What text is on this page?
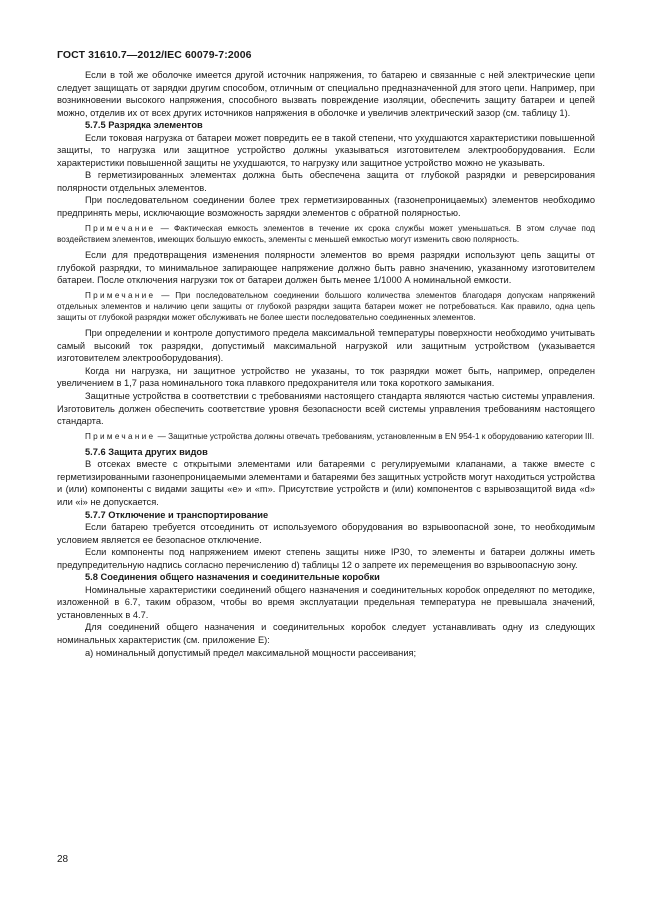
ГОСТ 31610.7—2012/IEC 60079-7:2006

Если в той же оболочке имеется другой источник напряжения, то батарею и связанные с ней электрические цепи следует защищать от зарядки другим способом, отличным от специально предназначенной для этого цепи. Например, при возникновении высокого напряжения, способного вызвать повреждение изоляции, обеспечить защиту батареи и цепей можно, отделив их от всех других источников напряжения в оболочке и увеличив электрический зазор (см. таблицу 1).

5.7.5 Разрядка элементов

Если токовая нагрузка от батареи может повредить ее в такой степени, что ухудшаются характеристики повышенной защиты, то нагрузка или защитное устройство должны указываться изготовителем электрооборудования. Если характеристики повышенной защиты не ухудшаются, то нагрузку или защитное устройство можно не указывать.

В герметизированных элементах должна быть обеспечена защита от глубокой разрядки и реверсирования полярности отдельных элементов.

При последовательном соединении более трех герметизированных (газонепроницаемых) элементов необходимо предпринять меры, исключающие возможность зарядки элементов с обратной полярностью.

Примечание — Фактическая емкость элементов в течение их срока службы может уменьшаться. В этом случае под воздействием элементов, имеющих большую емкость, элементы с меньшей емкостью могут изменить свою полярность.

Если для предотвращения изменения полярности элементов во время разрядки используют цепь защиты от глубокой разрядки, то минимальное запирающее напряжение должно быть равно значению, указанному изготовителем батареи. После отключения нагрузки ток от батареи должен быть менее 1/1000 А номинальной емкости.

Примечание — При последовательном соединении большого количества элементов благодаря допускам напряжений отдельных элементов и наличию цепи защиты от глубокой разрядки защита батареи может не потребоваться. Как правило, одна цепь защиты от глубокой разрядки может обслуживать не более шести последовательно соединенных элементов.

При определении и контроле допустимого предела максимальной температуры поверхности необходимо учитывать самый высокий ток разрядки, допустимый максимальной нагрузкой или защитным устройством (указывается изготовителем электрооборудования).

Когда ни нагрузка, ни защитное устройство не указаны, то ток разрядки может быть, например, определен увеличением в 1,7 раза номинального тока плавкого предохранителя или тока короткого замыкания.

Защитные устройства в соответствии с требованиями настоящего стандарта являются частью системы управления. Изготовитель должен обеспечить соответствие уровня безопасности всей системы управления требованиям настоящего стандарта.

Примечание — Защитные устройства должны отвечать требованиям, установленным в EN 954-1 к оборудованию категории III.

5.7.6 Защита других видов

В отсеках вместе с открытыми элементами или батареями с регулируемыми клапанами, а также вместе с герметизированными газонепроницаемыми элементами и батареями без защитных устройств могут находиться устройства и (или) компоненты с видами защиты «e» и «m». Присутствие устройств и (или) компонентов с взрывозащитой вида «d» или «i» не допускается.

5.7.7 Отключение и транспортирование

Если батарею требуется отсоединить от используемого оборудования во взрывоопасной зоне, то необходимым условием является ее безопасное отключение.

Если компоненты под напряжением имеют степень защиты ниже IP30, то элементы и батареи должны иметь предупредительную надпись согласно перечислению d) таблицы 12 о запрете их перемещения во взрывоопасную зону.

5.8 Соединения общего назначения и соединительные коробки

Номинальные характеристики соединений общего назначения и соединительных коробок определяют по методике, изложенной в 6.7, таким образом, чтобы во время эксплуатации предельная температура не превышала значений, установленных в 4.7.

Для соединений общего назначения и соединительных коробок следует устанавливать одну из следующих номинальных характеристик (см. приложение Е):

а) номинальный допустимый предел максимальной мощности рассеивания;

28
